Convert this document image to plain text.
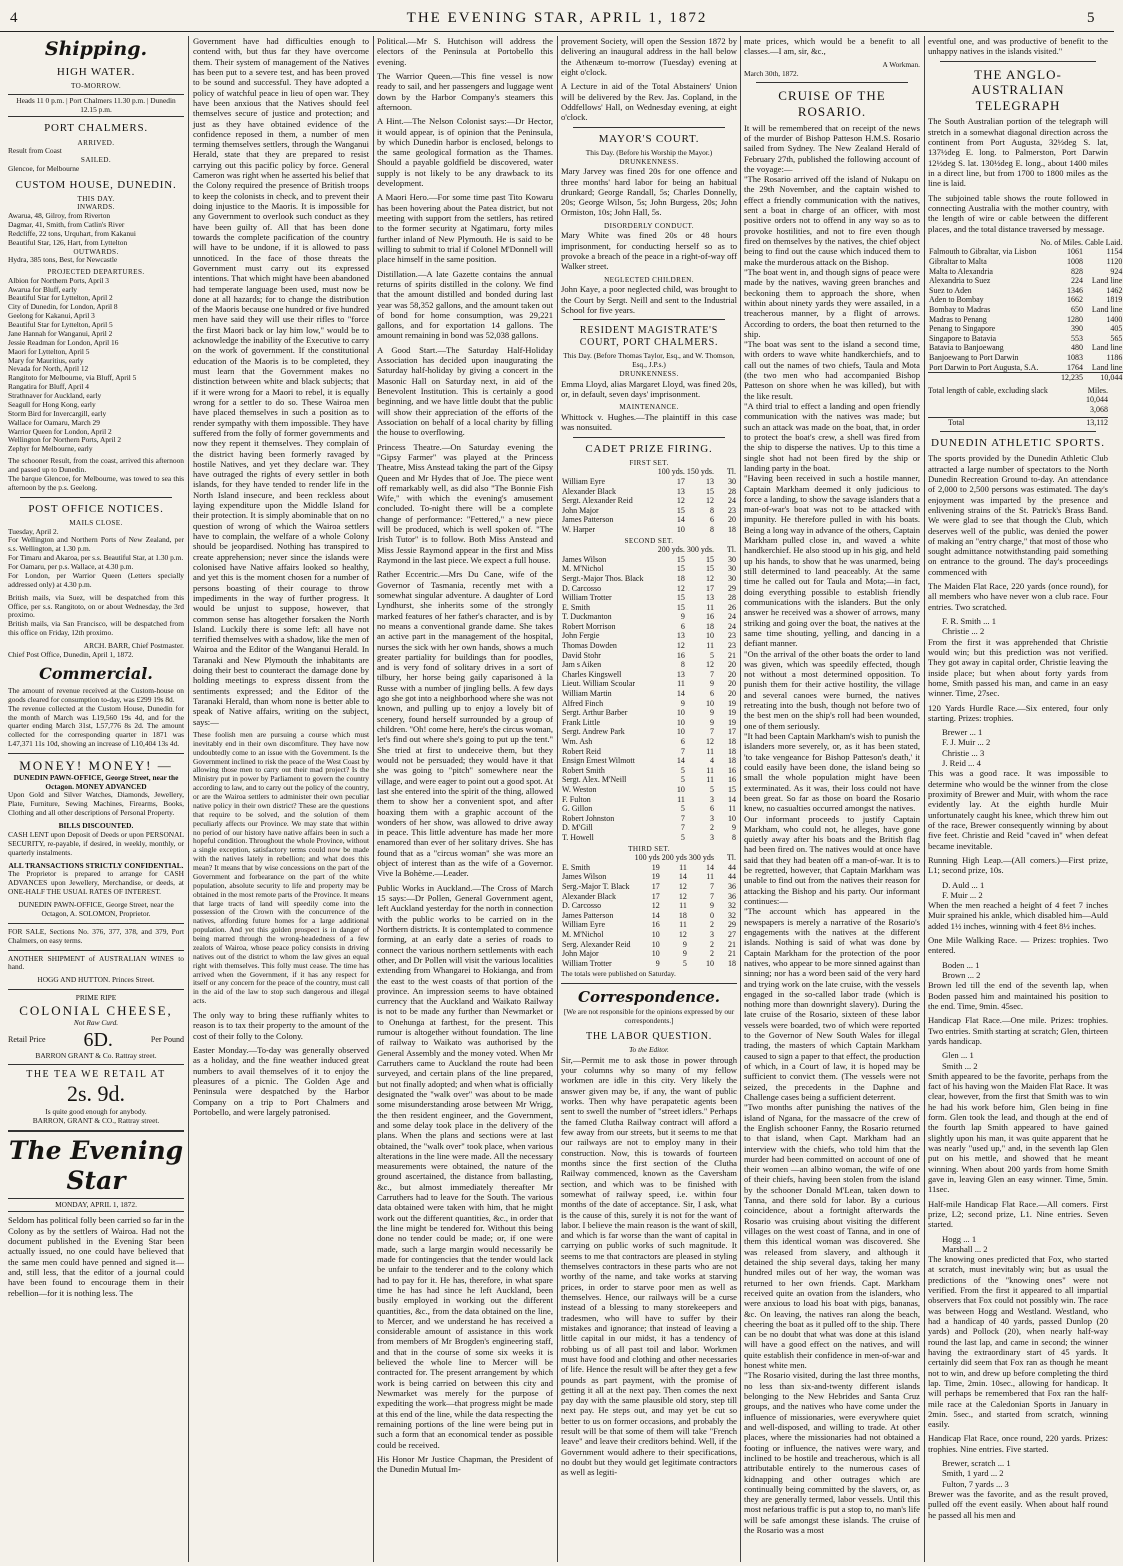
4	THE EVENING STAR, APRIL 1, 1872	5
Shipping.
HIGH WATER.
TO-MORROW.
Heads 11 0 p.m. | Port Chalmers 11.30 p.m. | Dunedin 12.15 p.m.
PORT CHALMERS.
ARRIVED.
Result from Coast
SAILED.
Glencoe, for Melbourne
CUSTOM HOUSE, DUNEDIN.
THIS DAY.
INWARDS.
Awarua, 48, Gilroy, from Riverton
Dagmar, 41, Smith, from Catlin's River
Redcliffe, 22 tons, Urquhart, from Kakanui
Beautiful Star, 126, Hart, from Lyttelton
OUTWARDS.
Hydra, 385 tons, Best, for Newcastle
PROJECTED DEPARTURES.
Albion for Northern Ports, April 3
Awarua for Bluff, early
Beautiful Star for Lyttelton, April 2
City of Dunedin, for London, April 8
Geelong for Kakanui, April 3
Beautiful Star for Lyttelton, April 5
Jane Hannah for Wanganui, April 2
Jessie Readman for London, April 16
Maori for Lyttelton, April 5
Mary for Mauritius, early
Nevada for North, April 12
Rangitoto for Melbourne, via Bluff, April 5
Rangatira for Bluff, April 4
Strathnaver for Auckland, early
Seagull for Hong Kong, early
Storm Bird for Invercargill, early
Wallace for Oamaru, March 29
Warrior Queen for London, April 2
Wellington for Northern Ports, April 2
Zephyr for Melbourne, early

The schooner Result, from the coast, arrived this afternoon and passed up to Dunedin.
The barque Glencoe, for Melbourne, was towed to sea this afternoon by the p.s. Geelong.

POST OFFICE NOTICES.
MAILS CLOSE.

Tuesday, April 2.
For Wellington and Northern Ports of New Zealand, per s.s. Wellington, at 1.30 p.m.
For Timaru and Akaroa, per s.s. Beautiful Star, at 1.30 p.m.
For Oamaru, per p.s. Wallace, at 4.30 p.m.
For London, per Warrior Queen (Letters specially addressed only) at 4.30 p.m.

British mails, via Suez, will be despatched from this Office, per s.s. Rangitoto, on or about Wednesday, the 3rd proximo.
British mails, via San Francisco, will be despatched from this office on Friday, 12th proximo.

ARCH. BARR, Chief Postmaster.
Chief Post Office, Dunedin, April 1, 1872.
Commercial.

The amount of revenue received at the Custom-house on goods cleared for consumption to-day, was £299 19s 8d.
The revenue collected at the Custom House, Dunedin for the month of March was L19,560 19s 4d, and for the quarter ending March 31st, L57,776 8s 2d. The amount collected for the corresponding quarter in 1871 was L47,371 11s 10d, showing an increase of L10,404 13s 4d.

MONEY! MONEY! —
DUNEDIN PAWN-OFFICE, George Street, near the Octagon. MONEY ADVANCED

Upon Gold and Silver Watches, Diamonds, Jewellery, Plate, Furniture, Sewing Machines, Firearms, Books, Clothing and all other descriptions of Personal Property.

BILLS DISCOUNTED.

CASH LENT upon Deposit of Deeds or upon PERSONAL SECURITY, re-payable, if desired, in weekly, monthly, or quarterly instalments.

ALL TRANSACTIONS STRICTLY CONFIDENTIAL.

The Proprietor is prepared to arrange for CASH ADVANCES upon Jewellery, Merchandise, or deeds, at ONE-HALF THE USUAL RATES OF INTEREST.

DUNEDIN PAWN-OFFICE, George Street, near the Octagon, A. SOLOMON, Proprietor.

FOR SALE, Sections No. 376, 377, 378, and 379, Port Chalmers, on easy terms.

ANOTHER SHIPMENT of AUSTRALIAN WINES to hand.

HOGG AND HUTTON. Princes Street.
PRIME RIPE
COLONIAL CHEESE,
Not Raw Curd.
Retail Price 6D.	Per Pound
BARRON GRANT & Co. Rattray street.
THE TEA WE RETAIL AT
2s. 9d.
Is quite good enough for anybody.
BARRON, GRANT & CO., Rattray street.
The Evening Star
MONDAY, APRIL 1, 1872.

Seldom has political folly been carried so far in the Colony as by the settlers of Wairoa. Had not the document published in the Evening Star been actually issued, no one could have believed that the same men could have penned and signed it—and, still less, that the editor of a journal could have been found to encourage them in their rebellion—for it is nothing less. The

Government have had difficulties enough to contend with, but thus far they have overcome them. Their system of management of the Natives has been put to a severe test, and has been proved to be sound and successful. They have adopted a policy of watchful peace in lieu of open war. They have been anxious that the Natives should feel themselves secure of justice and protection; and just as they have obtained evidence of the confidence reposed in them, a number of men terming themselves settlers, through the Wanganui Herald, state that they are prepared to resist carrying out this pacific policy by force. General Cameron was right when he asserted his belief that the Colony required the presence of British troops to keep the colonists in check, and to prevent their doing injustice to the Maoris. It is impossible for any Government to overlook such conduct as they have been guilty of. All that has been done towards the complete pacification of the country will have to be undone, if it is allowed to pass unnoticed. In the face of those threats the Government must carry out its expressed intentions. That which might have been abandoned had temperate language been used, must now be done at all hazards; for to change the distribution of the Maoris because one hundred or five hundred men have said they will use their rifles to "force the first Maori back or lay him low," would be to acknowledge the inability of the Executive to carry on the work of government. If the constitutional education of the Maoris is to be completed, they must learn that the Government makes no distinction between white and black subjects; that if it were wrong for a Maori to rebel, it is equally wrong for a settler to do so. These Wairoa men have placed themselves in such a position as to render sympathy with them impossible. They have suffered from the folly of former governments and now they repent it themselves. They complain of the district having been formerly ravaged by hostile Natives, and yet they declare war. They have outraged the rights of every settler in both islands, for they have tended to render life in the North Island insecure, and been reckless about laying expenditure upon the Middle Island for their protection. It is simply abominable that on no question of wrong of which the Wairoa settlers have to complain, the welfare of a whole Colony should be jeopardised. Nothing has transpired to create apprehension; never since the islands were colonised have Native affairs looked so healthy, and yet this is the moment chosen for a number of persons boasting of their courage to throw impediments in the way of further progress. It would be unjust to suppose, however, that common sense has altogether forsaken the North Island. Luckily there is some left: all have not terrified themselves with a shadow, like the men of Wairoa and the Editor of the Wanganui Herald. In Taranaki and New Plymouth the inhabitants are doing their best to counteract the damage done by holding meetings to express dissent from the sentiments expressed; and the Editor of the Taranaki Herald, than whom none is better able to speak of Native affairs, writing on the subject, says:—

These foolish men are pursuing a course which must inevitably end in their own discomfiture. They have now undoubtedly come to an issue with the Government. Is the Government inclined to risk the peace of the West Coast by allowing those men to carry out their mad project? Is the Ministry put in power by Parliament to govern the country according to law, and to carry out the policy of the country, or are the Wairoa settlers to administer their own peculiar native policy in their own district? These are the questions that require to be solved, and the solution of them peculiarly affects our Province. We may state that within no period of our history have native affairs been in such a hopeful condition. Throughout the whole Province, without a single exception, satisfactory terms could now be made with the natives lately in rebellion; and what does this mean? It means that by wise concessions on the part of the Government and forbearance on the part of the white population, absolute security to life and property may be obtained in the most remote parts of the Province. It means that large tracts of land will speedily come into the possession of the Crown with the concurrence of the natives, affording future homes for a large additional population. And yet this golden prospect is in danger of being marred through the wrong-headedness of a few zealots of Wairoa, whose peace policy consists in driving natives out of the district to whom the law gives an equal right with themselves. This folly must cease. The time has arrived when the Government, if it has any respect for itself or any concern for the peace of the country, must call in the aid of the law to stop such dangerous and illegal acts.

The only way to bring these ruffianly whites to reason is to tax their property to the amount of the cost of their folly to the Colony.

Easter Monday.—To-day was generally observed as a holiday, and the fine weather induced great numbers to avail themselves of it to enjoy the pleasures of a picnic. The Golden Age and Peninsula were despatched by the Harbor Company on a trip to Port Chalmers and Portobello, and were largely patronised.

Political.—Mr S. Hutchison will address the electors of the Peninsula at Portobello this evening.

The Warrior Queen.—This fine vessel is now ready to sail, and her passengers and luggage went down by the Harbor Company's steamers this afternoon.

A Hint.—The Nelson Colonist says:—Dr Hector, it would appear, is of opinion that the Peninsula, by which Dunedin harbor is enclosed, belongs to the same geological formation as the Thames. Should a payable goldfield be discovered, water supply is not likely to be any drawback to its development.

A Maori Hero.—For some time past Tito Kowaru has been hovering about the Patea district, but not meeting with support from the settlers, has retired to the former security at Ngatimaru, forty miles further inland of New Plymouth. He is said to be willing to submit to trial if Colonel M'Donnell will place himself in the same position.

Distillation.—A late Gazette contains the annual returns of spirits distilled in the colony. We find that the amount distilled and bonded during last year was 58,352 gallons, and the amount taken out of bond for home consumption, was 29,221 gallons, and for exportation 14 gallons. The amount remaining in bond was 52,038 gallons.

A Good Start.—The Saturday Half-Holiday Association has decided upon inaugurating the Saturday half-holiday by giving a concert in the Masonic Hall on Saturday next, in aid of the Benevolent Institution. This is certainly a good beginning, and we have little doubt that the public will show their appreciation of the efforts of the Association on behalf of a local charity by filling the house to overflowing.

Princess Theatre.—On Saturday evening the "Gipsy Farmer" was played at the Princess Theatre, Miss Anstead taking the part of the Gipsy Queen and Mr Hydes that of Joe. The piece went off remarkably well, as did also "The Bonnie Fish Wife," with which the evening's amusement concluded. To-night there will be a complete change of performance: "Fettered," a new piece will be produced, which is well spoken of. "The Irish Tutor" is to follow. Both Miss Anstead and Miss Jessie Raymond appear in the first and Miss Raymond in the last piece. We expect a full house.

Rather Eccentric.—Mrs Du Cane, wife of the Governor of Tasmania, recently met with a somewhat singular adventure. A daughter of Lord Lyndhurst, she inherits some of the strongly marked features of her father's character, and is by no means a conventional grande dame. She takes an active part in the management of the hospital, nurses the sick with her own hands, shows a much greater partiality for buildings than for poodles, and is very fond of solitary drives in a sort of tilbury, her horse being gaily caparisoned à la Russe with a number of jingling bells. A few days ago she got into a neighborhood where she was not known, and pulling up to enjoy a lovely bit of scenery, found herself surrounded by a group of children. "Oh! come here, here's the circus woman, let's find out where she's going to put up the tent." She tried at first to undeceive them, but they would not be persuaded; they would have it that she was going to "pitch" somewhere near the village, and were eager to point out a good spot. At last she entered into the spirit of the thing, allowed them to show her a convenient spot, and after hoaxing them with a graphic account of the wonders of her show, was allowed to drive away in peace. This little adventure has made her more enamored than ever of her solitary drives. She has found that as a "circus woman" she was more an object of interest than as the wife of a Governor. Vive la Bohème.—Leader.

Public Works in Auckland.—The Cross of March 15 says:—Dr Pollen, General Government agent, left Auckland yesterday for the north in connection with the public works to be carried on in the Northern districts. It is contemplated to commence forming, at an early date a series of roads to connect the various northern settlements with each other, and Dr Pollen will visit the various localities extending from Whangarei to Hokianga, and from the east to the west coasts of that portion of the province. An impression seems to have obtained currency that the Auckland and Waikato Railway is not to be made any further than Newmarket or to Onehunga at farthest, for the present. This rumour is altogether without foundation. The line of railway to Waikato was authorised by the General Assembly and the money voted. When Mr Carruthers came to Auckland the route had been surveyed, and certain plans of the line prepared, but not finally adopted; and when what is officially designated the "walk over" was about to be made some misunderstanding arose between Mr Wrigg, the then resident engineer, and the Government, and some delay took place in the delivery of the plans. When the plans and sections were at last obtained, the "walk over" took place, when various alterations in the line were made. All the necessary measurements were obtained, the nature of the ground ascertained, the distance from ballasting, &c., but almost immediately thereafter Mr Carruthers had to leave for the South. The various data obtained were taken with him, that he might work out the different quantities, &c., in order that the line might be tendered for. Without this being done no tender could be made; or, if one were made, such a large margin would necessarily be made for contingencies that the tender would lack be unfair to the tenderer and to the colony which had to pay for it. He has, therefore, in what spare time he has had since he left Auckland, been busily employed in working out the different quantities, &c., from the data obtained on the line, to Mercer, and we understand he has received a considerable amount of assistance in this work from members of Mr Brogden's engineering staff, and that in the course of some six weeks it is believed the whole line to Mercer will be contracted for. The present arrangement by which work is being carried on between this city and Newmarket was merely for the purpose of expediting the work—that progress might be made at this end of the line, while the data respecting the remaining portions of the line were being put in such a form that an economical tender as possible could be received.

His Honor Mr Justice Chapman, the President of the Dunedin Mutual Im-

provement Society, will open the Session 1872 by delivering an inaugural address in the hall below the Athenæum to-morrow (Tuesday) evening at eight o'clock.

A Lecture in aid of the Total Abstainers' Union will be delivered by the Rev. Jas. Copland, in the Oddfellows' Hall, on Wednesday evening, at eight o'clock.

MAYOR'S COURT.
This Day. (Before his Worship the Mayor.)
DRUNKENNESS.

Mary Jarvey was fined 20s for one offence and three months' hard labor for being an habitual drunkard; George Randall, 5s; Charles Donnelly, 20s; George Wilson, 5s; John Burgess, 20s; John Ormiston, 10s; John Hall, 5s.

DISORDERLY CONDUCT.

Mary White was fined 20s or 48 hours imprisonment, for conducting herself so as to provoke a breach of the peace in a right-of-way off Walker street.

NEGLECTED CHILDREN.

John Kaye, a poor neglected child, was brought to the Court by Sergt. Neill and sent to the Industrial School for five years.

RESIDENT MAGISTRATE'S COURT, PORT CHALMERS.
This Day. (Before Thomas Taylor, Esq., and W. Thomson, Esq., J.P.s.)
DRUNKENNESS.

Emma Lloyd, alias Margaret Lloyd, was fined 20s, or, in default, seven days' imprisonment.

MAINTENANCE.

Whittock v. Hughes.—The plaintiff in this case was nonsuited.

CADET PRIZE FIRING.
FIRST SET.
	100 yds.	150 yds.	Tl.
William Eyre	17	13	30
Alexander Black	13	15	28
Sergt. Alexander Reid	12	12	24
John Major	15	8	23
James Patterson	14	6	20
W. Harper	10	8	18
SECOND SET.
	200 yds.	300 yds.	Tl.
James Wilson	15	15	30
M. M'Nichol	15	15	30
Sergt.-Major Thos. Black	18	12	30
D. Carcosso	12	17	29
William Trotter	15	13	28
E. Smith	15	11	26
T. Duckmanton	9	16	24
Robert Morrison	6	18	24
John Fergie	13	10	23
Thomas Dowden	12	11	23
David Stohr	16	5	21
Jam s Aiken	8	12	20
Charles Kingswell	13	7	20
Lieut. William Scoular	11	9	20
William Martin	14	6	20
Alfred Finch	9	10	19
Sergt. Arthur Barber	10	9	19
Frank Little	10	9	19
Sergt. Andrew Park	10	7	17
Wm. Ash	6	12	18
Robert Reid	7	11	18
Ensign Ernest Wilmott	14	4	18
Robert Smith	5	11	16
Sergt. Alex. M'Neill	5	11	16
W. Weston	10	5	15
F. Fulton	11	3	14
G. Gillon	5	6	11
Robert Johnston	7	3	10
D. M'Gill	7	2	9
T. Howell	5	3	8
THIRD SET.
	100 yds	200 yds	300 yds	Tl.
E. Smith	19	11	14	44
James Wilson	19	14	11	44
Serg.-Major T. Black	17	12	7	36
Alexander Black	17	12	7	36
D. Carcosso	12	11	9	32
James Patterson	14	18	0	32
William Eyre	16	11	2	29
M. M'Nichol	10	12	3	27
Serg. Alexander Reid	10	9	2	21
John Major	10	9	2	21
William Trotter	9	5	10	18
The totals were published on Saturday.
Correspondence.
[We are not responsible for the opinions expressed by our correspondents.]
THE LABOR QUESTION.
To the Editor.

Sir,—Permit me to ask those in power through your columns why so many of my fellow workmen are idle in this city. Very likely the answer given may be, if any, the want of public works. Then why have perapatetic agents been sent to swell the number of "street idlers." Perhaps the famed Clutha Railway contract will afford a few away from our streets, but it seems to me that our railways are not to employ many in their construction. Now, this is towards of fourteen months since the first section of the Clutha Railway commenced, known as the Caversham section, and which was to be finished with somewhat of railway speed, i.e. within four months of the date of acceptance. Sir, I ask, what is the cause of this, surely it is not for the want of labor. I believe the main reason is the want of skill, and which is far worse than the want of capital in carrying on public works of such magnitude. It seems to me that contractors are pleased in styling themselves contractors in these parts who are not worthy of the name, and take works at starving prices, in order to starve poor men as well as themselves. Hence, our railways will be a curse instead of a blessing to many storekeepers and tradesmen, who will have to suffer by their mistakes and ignorance; that instead of leaving a little capital in our midst, it has a tendency of robbing us of all past toil and labor. Workmen must have food and clothing and other necessaries of life. Hence the result will be after they get a few pounds as part payment, with the promise of getting it all at the next pay. Then comes the next pay day with the same plausible old story, step till next pay. He steps out, and may yet be cut so better to us on former occasions, and probably the result will be that some of them will take "French leave" and leave their creditors behind. Well, if the Government would adhere to their specifications, no doubt but they would get legitimate contractors as well as legiti-

mate prices, which would be a benefit to all classes.—I am, sir, &c.,

A Workman.
March 30th, 1872.
CRUISE OF THE ROSARIO.

It will be remembered that on receipt of the news of the murder of Bishop Patteson H.M.S. Rosario sailed from Sydney. The New Zealand Herald of February 27th, published the following account of the voyage:—
"The Rosario arrived off the island of Nukapu on the 29th November, and the captain wished to effect a friendly communication with the natives, sent a boat in charge of an officer, with most positive orders not to offend in any way so as to provoke hostilities, and not to fire even though fired on themselves by the natives, the chief object being to find out the cause which induced them to make the murderous attack on the Bishop.
"The boat went in, and though signs of peace were made by the natives, waving green branches and beckoning them to approach the shore, when within about ninety yards they were assailed, in a treacherous manner, by a flight of arrows. According to orders, the boat then returned to the ship.
"The boat was sent to the island a second time, with orders to wave white handkerchiefs, and to call out the names of two chiefs, Taula and Mota (the two men who had accompanied Bishop Patteson on shore when he was killed), but with the like result.
"A third trial to effect a landing and open friendly communication with the natives was made; but such an attack was made on the boat, that, in order to protect the boat's crew, a shell was fired from the ship to disperse the natives. Up to this time a single shot had not been fired by the ship or landing party in the boat.
"Having been received in such a hostile manner, Captain Markham deemed it only judicious to force a landing, to show the savage islanders that a man-of-war's boat was not to be attacked with impunity. He therefore pulled in with his boats. Being a long way in advance of the others, Captain Markham pulled close in, and waved a white handkerchief. He also stood up in his gig, and held up his hands, to show that he was unarmed, being still determined to land peaceably. At the same time he called out for Taula and Mota;—in fact, doing everything possible to establish friendly communications with the islanders. But the only answer he received was a shower of arrows, many striking and going over the boat, the natives at the same time shouting, yelling, and dancing in a defiant manner.
"On the arrival of the other boats the order to land was given, which was speedily effected, though not without a most determined opposition. To punish them for their active hostility, the village and several canoes were burned, the natives retreating into the bush, though not before two of the best men on the ship's roll had been wounded, one of them seriously.
"It had been Captain Markham's wish to punish the islanders more severely, or, as it has been stated, 'to take vengeance for Bishop Patteson's death,' it could easily have been done, the island being so small the whole population might have been exterminated. As it was, their loss could not have been great. So far as those on board the Rosario knew, no casualties occurred amongst the natives.
Our informant proceeds to justify Captain Markham, who could not, he alleges, have gone quietly away after his boats and the British flag had been fired on. The natives would at once have said that they had beaten off a man-of-war. It is to be regretted, however, that Captain Markham was unable to find out from the natives their reason for attacking the Bishop and his party. Our informant continues:—
"The account which has appeared in the newspapers is merely a narrative of the Rosario's engagements with the natives at the different islands. Nothing is said of what was done by Captain Markham for the protection of the poor natives, who appear to be more sinned against than sinning; nor has a word been said of the very hard and trying work on the late cruise, with the vessels engaged in the so-called labor trade (which is nothing more than downright slavery). During the late cruise of the Rosario, sixteen of these labor vessels were boarded, two of which were reported to the Governor of New South Wales for illegal trading, the masters of which Captain Markham caused to sign a paper to that effect, the production of which, in a Court of law, it is hoped may be sufficient to convict them. (The vessels were not seized, the precedents in the Daphne and Challenge cases being a sufficient deterrent.
"Two months after punishing the natives of the island of Ngana, for the massacre of the crew of the English schooner Fanny, the Rosario returned to that island, when Capt. Markham had an interview with the chiefs, who told him that the murder had been committed on account of one of their women —an albino woman, the wife of one of their chiefs, having been stolen from the island by the schooner Donald M'Lean, taken down to Tanna, and there sold for labor. By a curious coincidence, about a fortnight afterwards the Rosario was cruising about visiting the different villages on the west coast of Tanna, and in one of them this identical woman was discovered. She was released from slavery, and although it detained the ship several days, taking her many hundred miles out of her way, the woman was returned to her own friends. Capt. Markham received quite an ovation from the islanders, who were anxious to load his boat with pigs, bananas, &c. On leaving, the natives ran along the beach, cheering the boat as it pulled off to the ship. There can be no doubt that what was done at this island will have a good effect on the natives, and will quite establish their confidence in men-of-war and honest white men.
"The Rosario visited, during the last three months, no less than six-and-twenty different islands belonging to the New Hebrides and Santa Cruz groups, and the natives who have come under the influence of missionaries, were everywhere quiet and well-disposed, and willing to trade. At other places, where the missionaries had not obtained a footing or influence, the natives were wary, and inclined to be hostile and treacherous, which is all attributable entirely to the numerous cases of kidnapping and other outrages which are continually being committed by the slavers, or, as they are generally termed, labor vessels. Until this most nefarious traffic is put a stop to, no man's life will be safe amongst these islands. The cruise of the Rosario was a most

eventful one, and was productive of benefit to the unhappy natives in the islands visited."

THE ANGLO-AUSTRALIAN TELEGRAPH

The South Australian portion of the telegraph will stretch in a somewhat diagonal direction across the continent from Port Augusta, 32½deg S. lat, 137½deg E. long. to Palmerston, Port Darwin 12½deg S. lat. 130½deg E. long., about 1400 miles in a direct line, but from 1700 to 1800 miles as the line is laid.

The subjoined table shows the route followed in connecting Australia with the mother country, with the length of wire or cable between the different places, and the total distance traversed by message.

	No. of Miles.	Cable Laid.
Falmouth to Gibraltar, via Lisbon	1061	1154
Gibraltar to Malta	1008	1120
Malta to Alexandria	828	924
Alexandria to Suez	224	Land line
Suez to Aden	1346	1462
Aden to Bombay	1662	1819
Bombay to Madras	650	Land line
Madras to Penang	1280	1400
Penang to Singapore	390	405
Singapore to Batavia	553	565
Batavia to Banjoewang	480	Land line
Banjoewang to Port Darwin	1083	1186
Port Darwin to Port Augusta, S.A.	1764	Land line
	12,235	10,044
Total length of cable, excluding slack	Miles.
10,044
3,068
Total	13,112
DUNEDIN ATHLETIC SPORTS.

The sports provided by the Dunedin Athletic Club attracted a large number of spectators to the North Dunedin Recreation Ground to-day. An attendance of 2,000 to 2,500 persons was estimated. The day's enjoyment was imparted by the presence and enlivening strains of the St. Patrick's Brass Band. We were glad to see that though the Club, which deserves well of the public, was denied the power of making an "entry charge," that most of those who sought admittance notwithstanding paid something on entrance to the ground. The day's proceedings commenced with

The Maiden Flat Race, 220 yards (once round), for all members who have never won a club race. Four entries. Two scratched.

F. R. Smith ... 1
Christie ... 2

From the first it was apprehended that Christie would win; but this prediction was not verified. They got away in capital order, Christie leaving the inside place; but when about forty yards from home, Smith passed his man, and came in an easy winner. Time, 27sec.

120 Yards Hurdle Race.—Six entered, four only starting. Prizes: trophies.

Brewer ... 1
F. J. Muir ... 2
Christie ... 3
J. Reid ... 4

This was a good race. It was impossible to determine who would be the winner from the close proximity of Brewer and Muir, with whom the race evidently lay. At the eighth hurdle Muir unfortunately caught his knee, which threw him out of the race, Brewer consequently winning by about five feet. Christie and Reid "caved in" when defeat became inevitable.

Running High Leap.—(All comers.)—First prize, L1; second prize, 10s.

D. Auld ... 1
F. Muir ... 2

When the men reached a height of 4 feet 7 inches Muir sprained his ankle, which disabled him—Auld added 1½ inches, winning with 4 feet 8½ inches.

One Mile Walking Race. — Prizes: trophies. Two entered.

Boden ... 1
Brown ... 2

Brown led till the end of the seventh lap, when Boden passed him and maintained his position to the end. Time, 9min. 45sec.

Handicap Flat Race.—One mile. Prizes: trophies. Two entries. Smith starting at scratch; Glen, thirteen yards handicap.

Glen ... 1
Smith ... 2

Smith appeared to be the favorite, perhaps from the fact of his having won the Maiden Flat Race. It was clear, however, from the first that Smith was to win he had his work before him, Glen being in fine form. Glen took the lead, and though at the end of the fourth lap Smith appeared to have gained slightly upon his man, it was quite apparent that he was nearly "used up," and, in the seventh lap Glen put on his mettle, and showed that he meant winning. When about 200 yards from home Smith gave in, leaving Glen an easy winner. Time, 5min. 11sec.

Half-mile Handicap Flat Race.—All comers. First prize, L2; second prize, L1. Nine entries. Seven started.

Hogg ... 1
Marshall ... 2

The knowing ones predicted that Fox, who started at scratch, must inevitably win; but as usual the predictions of the "knowing ones" were not verified. From the first it appeared to all impartial observers that Fox could not possibly win. The race was between Hogg and Westland. Westland, who had a handicap of 40 yards, passed Dunlop (20 yards) and Pollock (20), when nearly half-way round the last lap, and came in second; the winner having the extraordinary start of 45 yards. It certainly did seem that Fox ran as though he meant not to win, and drew up before completing the third lap. Time, 2min. 10sec., allowing for handicap. It will perhaps be remembered that Fox ran the half-mile race at the Caledonian Sports in January in 2min. 5sec., and started from scratch, winning easily.

Handicap Flat Race, once round, 220 yards. Prizes: trophies. Nine entries. Five started.

Brewer, scratch ... 1
Smith, 1 yard ... 2
Fulton, 7 yards ... 3

Brewer was the favorite, and as the result proved, pulled off the event easily. When about half round he passed all his men and
